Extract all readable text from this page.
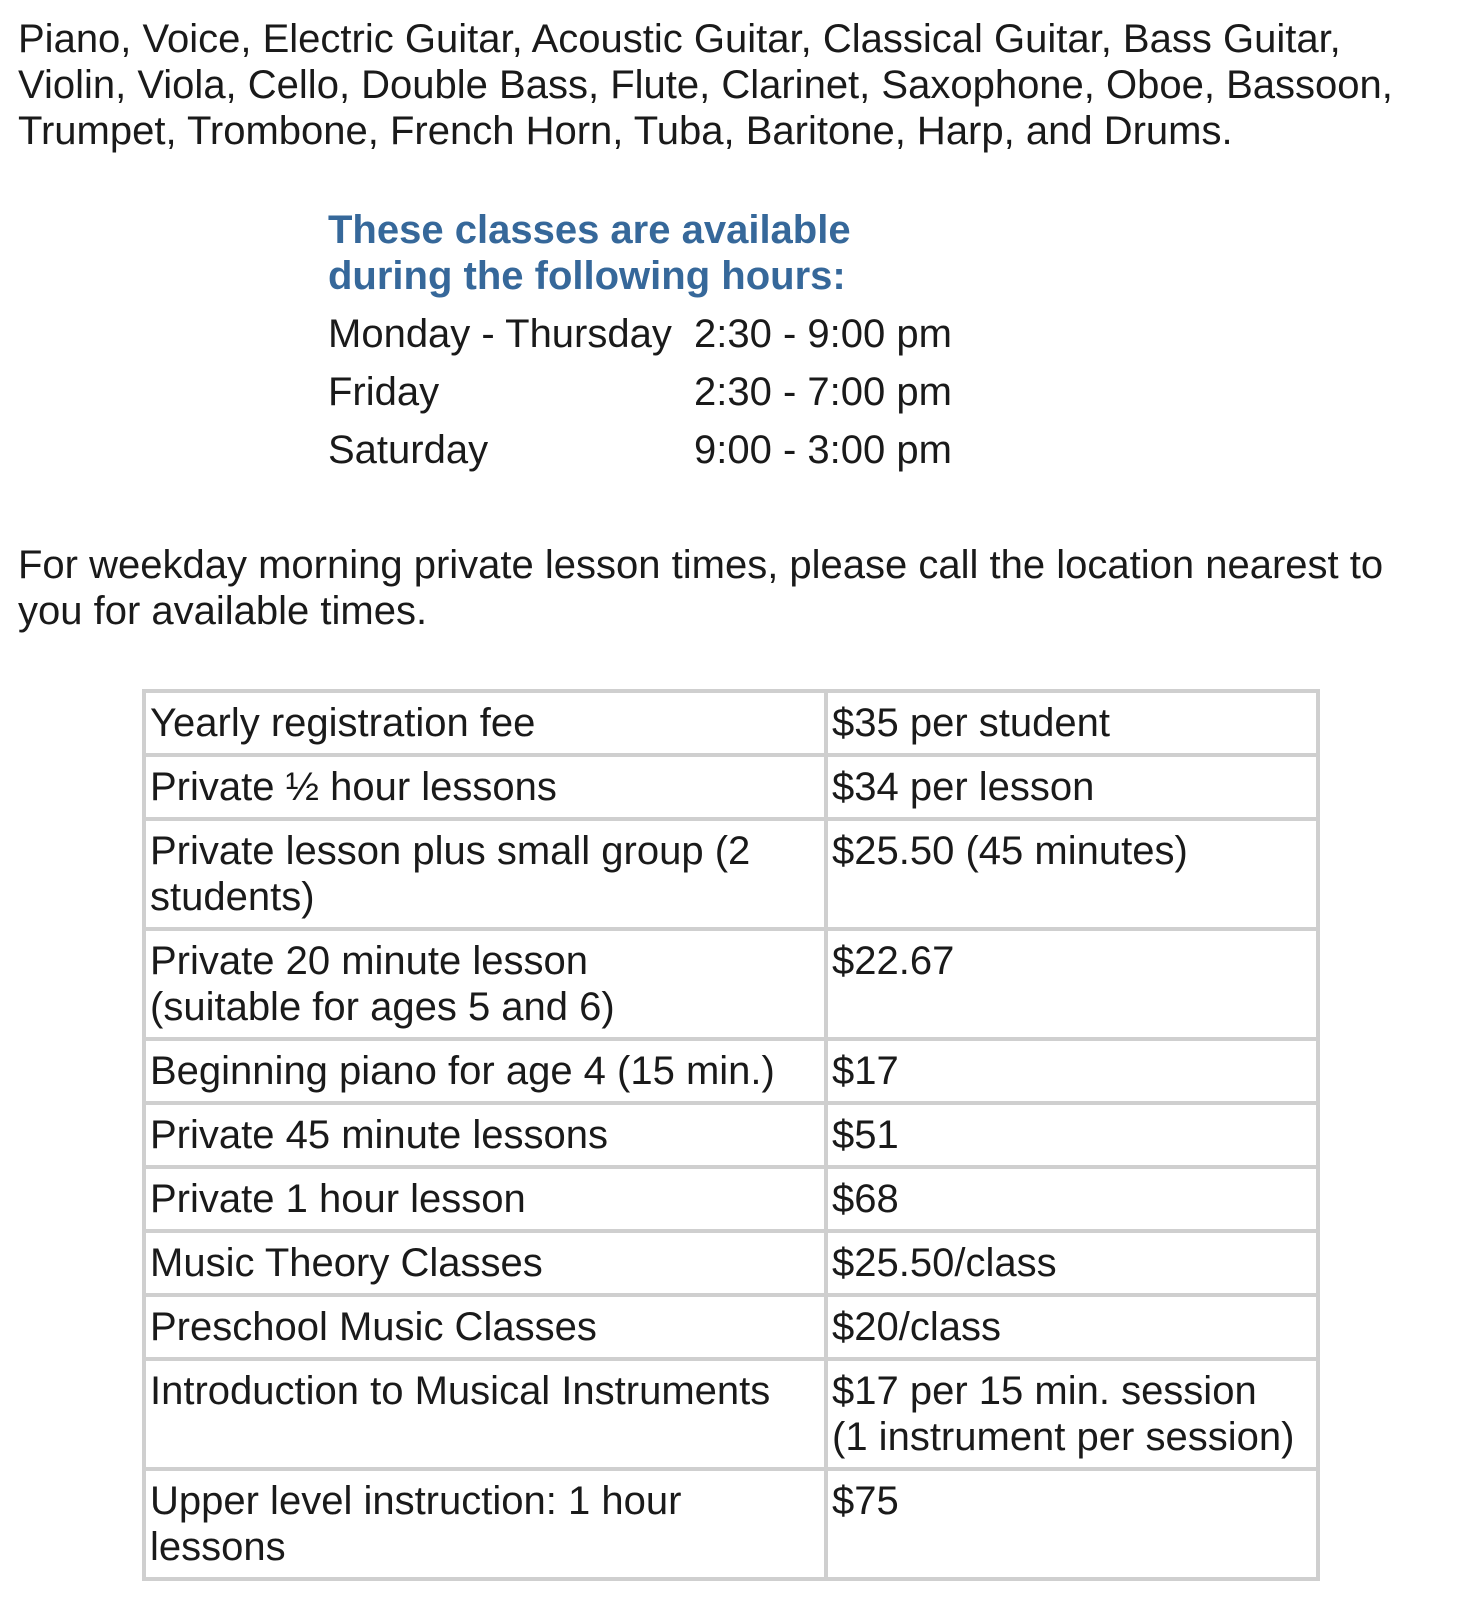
Piano, Voice, Electric Guitar, Acoustic Guitar, Classical Guitar, Bass Guitar, Violin, Viola, Cello, Double Bass, Flute, Clarinet, Saxophone, Oboe, Bassoon, Trumpet, Trombone, French Horn, Tuba, Baritone, Harp, and Drums.

These classes are available
during the following hours:
Monday - Thursday 2:30 - 9:00 pm
Friday	2:30 - 7:00 pm
Saturday	9:00 - 3:00 pm

For weekday morning private lesson times, please call the location nearest to you for available times.

Yearly registration fee	$35 per student
Private ½ hour lessons	$34 per lesson
Private lesson plus small group (2 students)	$25.50 (45 minutes)
Private 20 minute lesson
(suitable for ages 5 and 6)	$22.67
Beginning piano for age 4 (15 min.)	$17
Private 45 minute lessons	$51
Private 1 hour lesson	$68
Music Theory Classes	$25.50/class
Preschool Music Classes	$20/class
Introduction to Musical Instruments	$17 per 15 min. session
(1 instrument per session)
Upper level instruction: 1 hour lessons	$75
